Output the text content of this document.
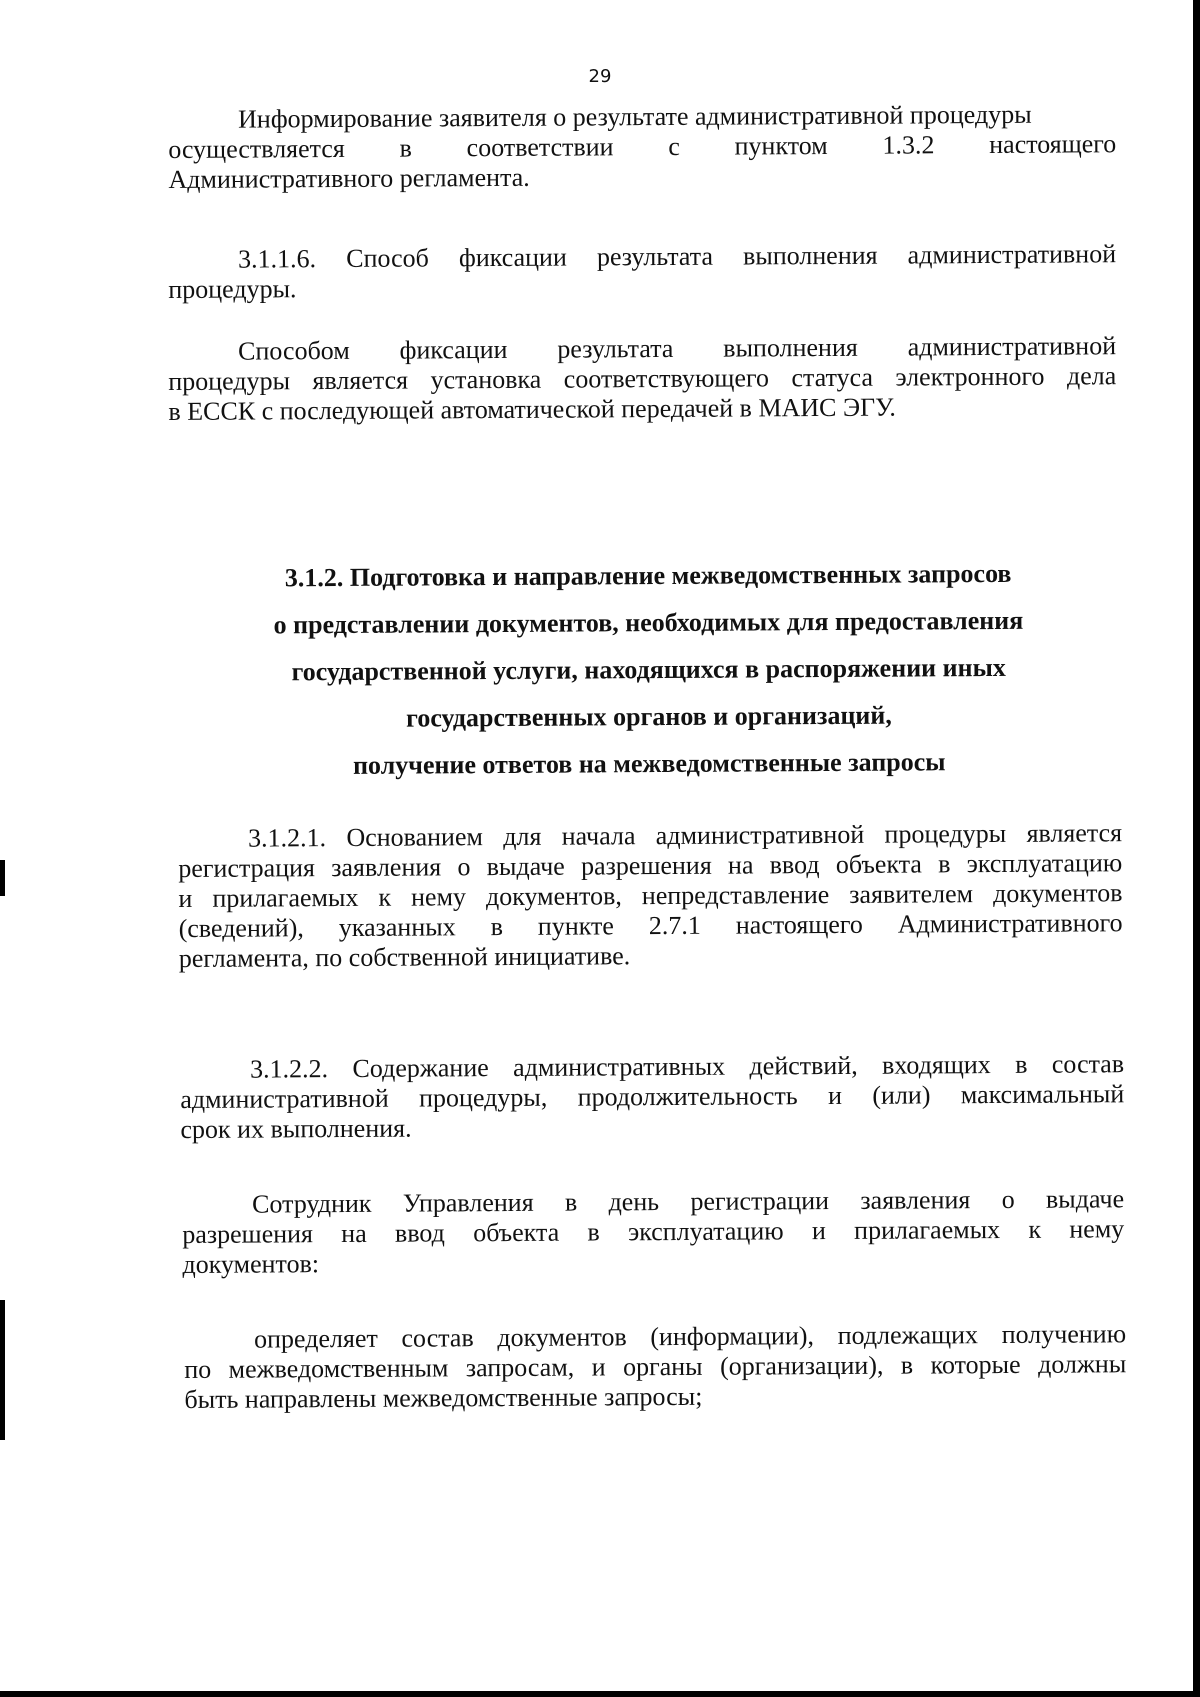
29
Информирование заявителя о результате административной процедуры
осуществляется в соответствии с пунктом 1.3.2 настоящего
Административного регламента.
3.1.1.6. Способ фиксации результата выполнения административной
процедуры.
Способом фиксации результата выполнения административной
процедуры является установка соответствующего статуса электронного дела
в ЕССК с последующей автоматической передачей в МАИС ЭГУ.
3.1.2. Подготовка и направление межведомственных запросов
о представлении документов, необходимых для предоставления
государственной услуги, находящихся в распоряжении иных
государственных органов и организаций,
получение ответов на межведомственные запросы
3.1.2.1. Основанием для начала административной процедуры является
регистрация заявления о выдаче разрешения на ввод объекта в эксплуатацию
и прилагаемых к нему документов, непредставление заявителем документов
(сведений), указанных в пункте 2.7.1 настоящего Административного
регламента, по собственной инициативе.
3.1.2.2. Содержание административных действий, входящих в состав
административной процедуры, продолжительность и (или) максимальный
срок их выполнения.
Сотрудник Управления в день регистрации заявления о выдаче
разрешения на ввод объекта в эксплуатацию и прилагаемых к нему
документов:
определяет состав документов (информации), подлежащих получению
по межведомственным запросам, и органы (организации), в которые должны
быть направлены межведомственные запросы;
